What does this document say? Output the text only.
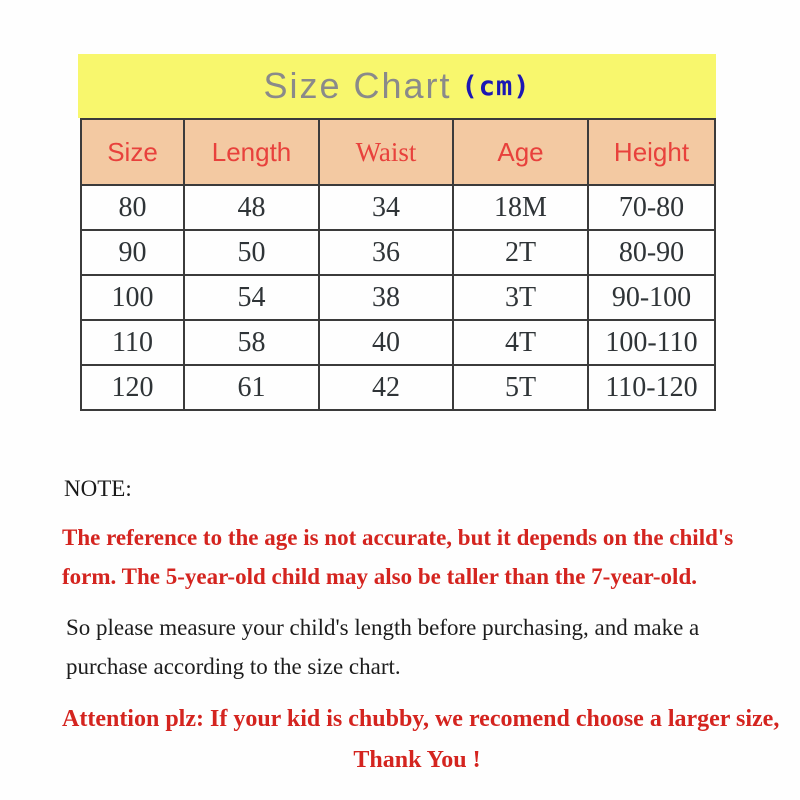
Size Chart (cm)
Size	Length	Waist	Age	Height
80	48	34	18M	70-80
90	50	36	2T	80-90
100	54	38	3T	90-100
110	58	40	4T	100-110
120	61	42	5T	110-120

NOTE:

The reference to the age is not accurate, but it depends on the child's
form. The 5-year-old child may also be taller than the 7-year-old.

So please measure your child's length before purchasing, and make a
purchase according to the size chart.

Attention plz: If your kid is chubby, we recomend choose a larger size,
Thank You !
